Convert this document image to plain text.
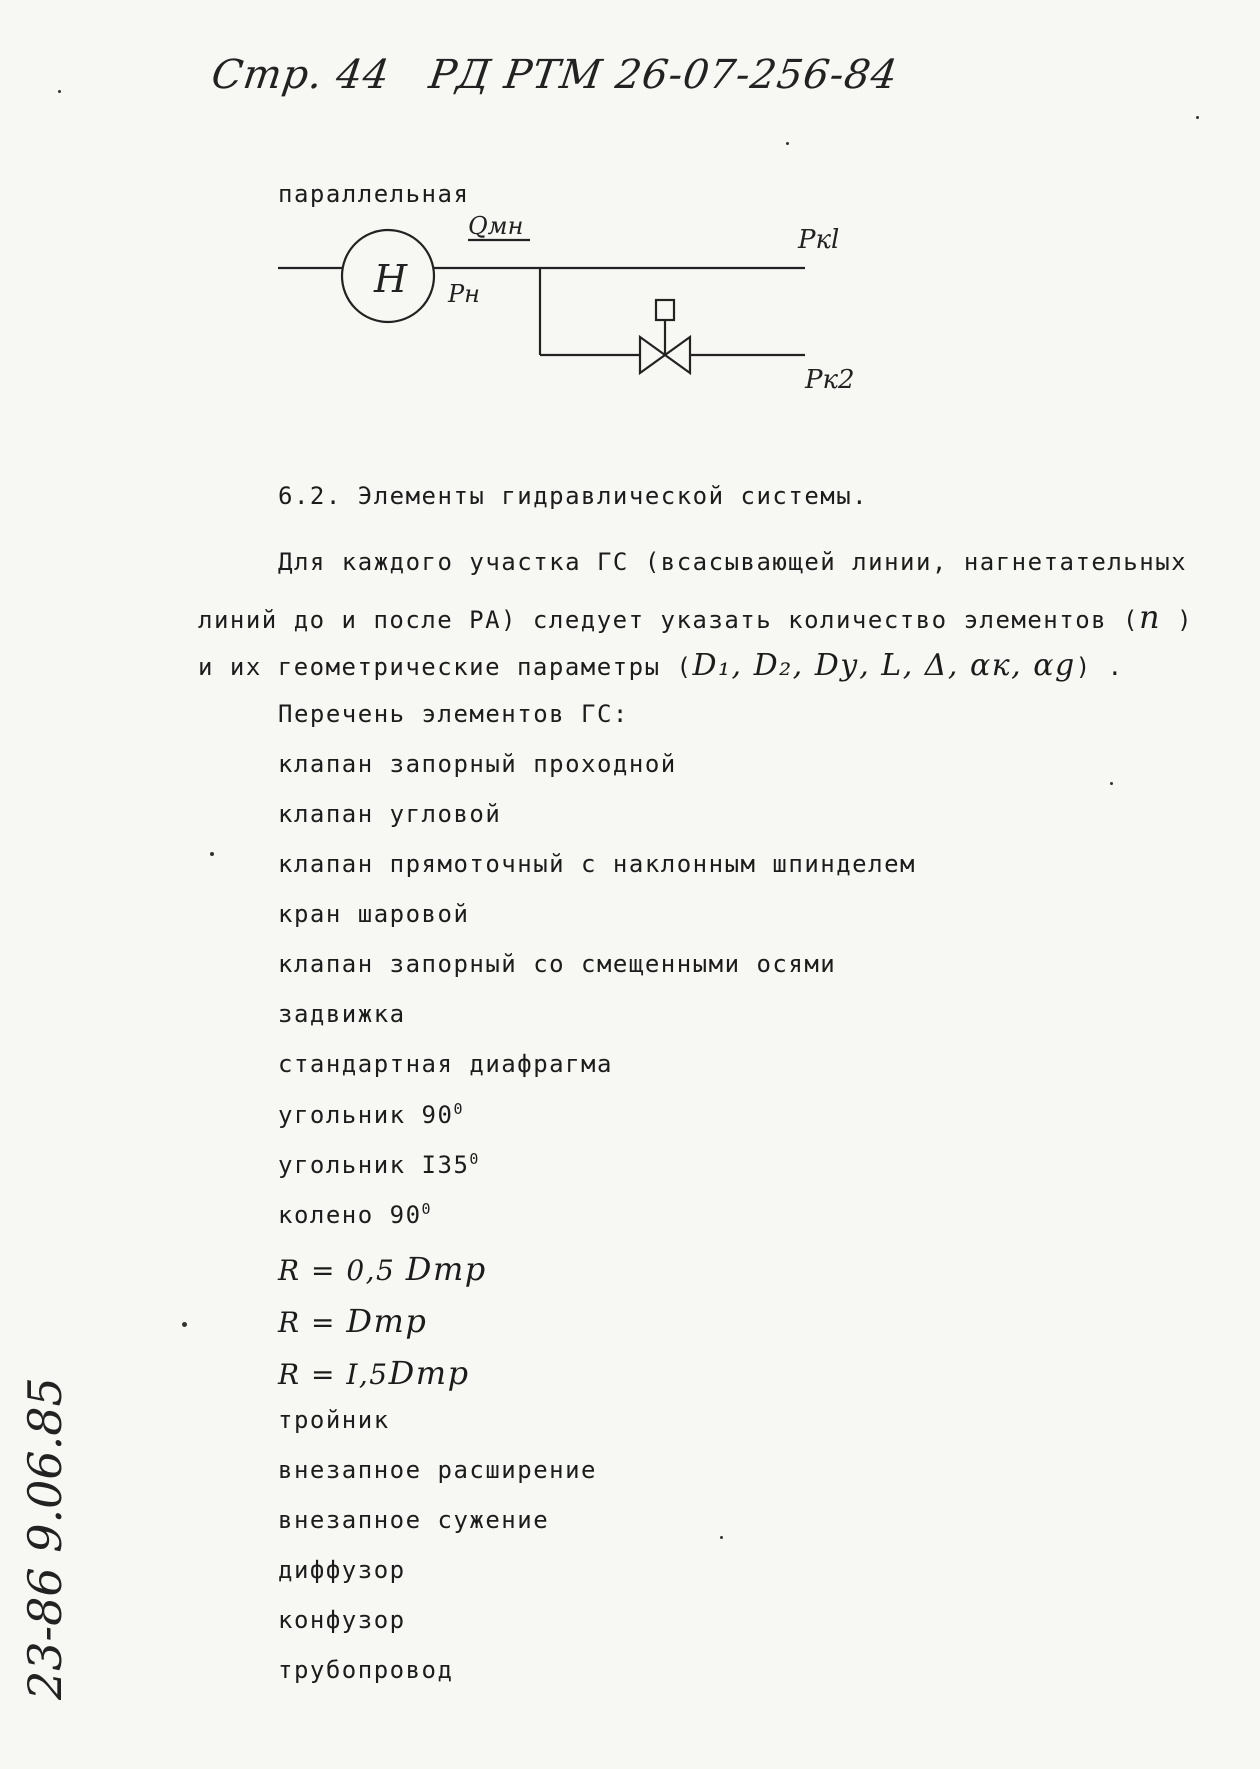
Стр. 44 РД РТМ 26-07-256-84
параллельная
Н
Qмн
Рн
Ркl
Рк2
6.2. Элементы гидравлической системы.
Для каждого участка ГС (всасывающей линии, нагнетательных
линий до и после РА) следует указать количество элементов (n )
и их геометрические параметры (D₁, D₂, Dу, L, Δ, αк, αg) .
Перечень элементов ГС:
клапан запорный проходной
клапан угловой
клапан прямоточный с наклонным шпинделем
кран шаровой
клапан запорный со смещенными осями
задвижка
стандартная диафрагма
угольник $90^0$
угольник $I35^0$
колено $90^0$
R = 0,5 Dтр
R = Dтр
R = I,5Dтр
тройник
внезапное расширение
внезапное сужение
диффузор
конфузор
трубопровод
23-86 9.06.85
